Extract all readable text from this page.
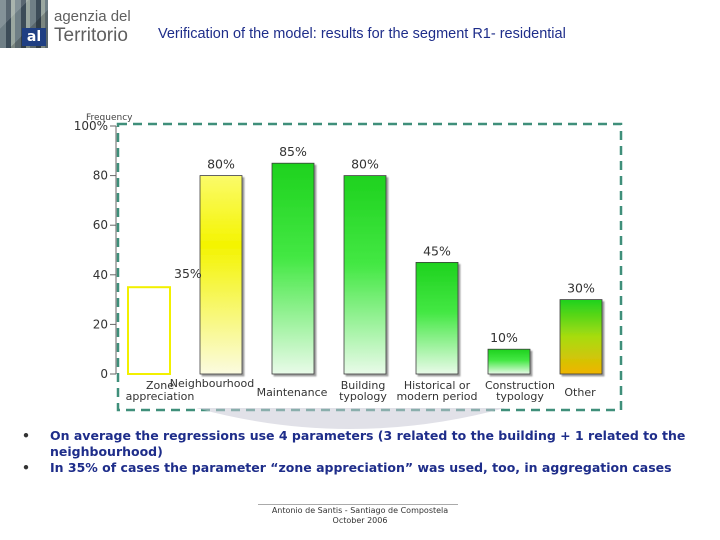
al
agenzia del
Territorio Verification of the model: results for the segment R1- residential
0
20
40
60
80
100%
Frequency
35%
80%
85%
80%
45%
10%
30%
Zone
appreciation
Neighbourhood
Maintenance
Building
typology
Historical or
modern period
Construction
typology Other

• On average the regressions use 4 parameters (3 related to the building + 1 related to the neighbourhood)

• In 35% of cases the parameter “zone appreciation” was used, too, in aggregation cases

Antonio de Santis - Santiago de Compostela
October 2006
